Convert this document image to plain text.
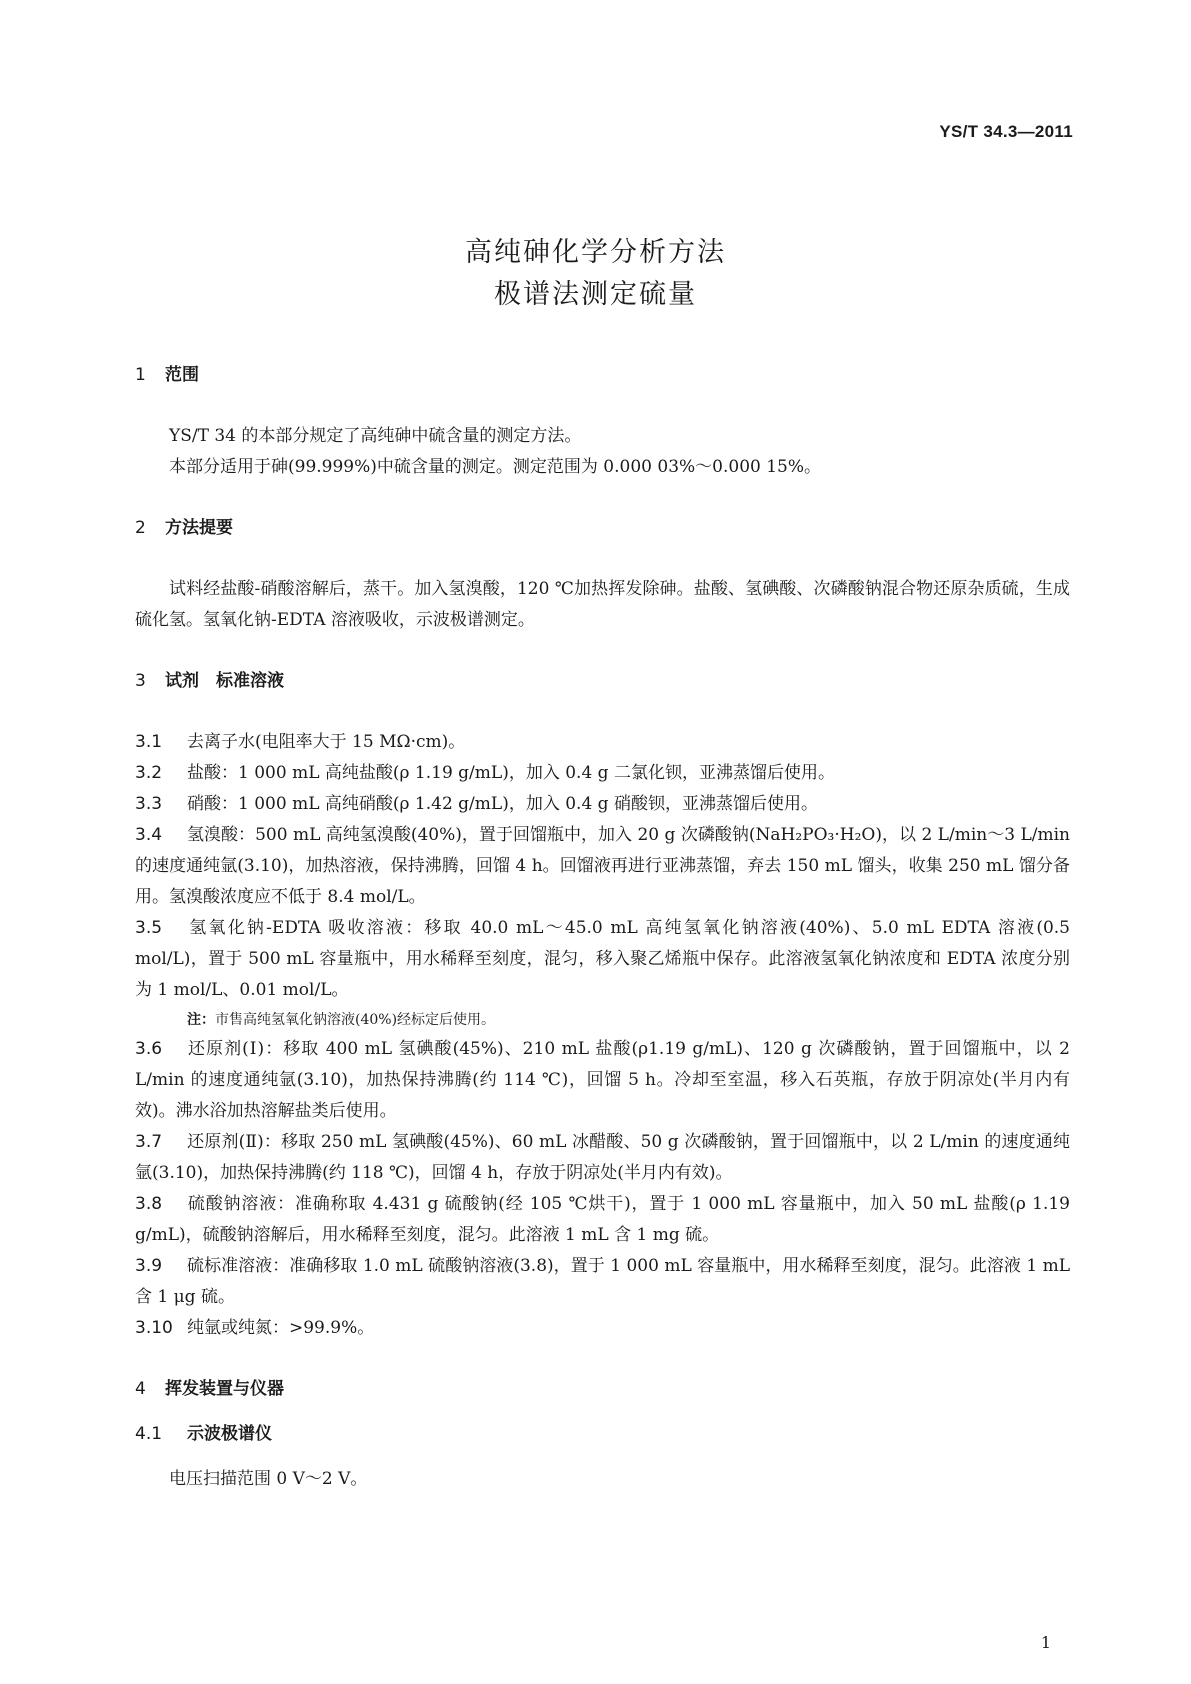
YS/T 34.3—2011
高纯砷化学分析方法
极谱法测定硫量
1 范围
YS/T 34 的本部分规定了高纯砷中硫含量的测定方法。
本部分适用于砷(99.999%)中硫含量的测定。测定范围为 0.000 03%～0.000 15%。
2 方法提要
试料经盐酸-硝酸溶解后，蒸干。加入氢溴酸，120 ℃加热挥发除砷。盐酸、氢碘酸、次磷酸钠混合物还原杂质硫，生成硫化氢。氢氧化钠-EDTA 溶液吸收，示波极谱测定。
3 试剂　标准溶液
3.1 去离子水(电阻率大于 15 MΩ·cm)。
3.2 盐酸：1 000 mL 高纯盐酸(ρ 1.19 g/mL)，加入 0.4 g 二氯化钡，亚沸蒸馏后使用。
3.3 硝酸：1 000 mL 高纯硝酸(ρ 1.42 g/mL)，加入 0.4 g 硝酸钡，亚沸蒸馏后使用。
3.4 氢溴酸：500 mL 高纯氢溴酸(40%)，置于回馏瓶中，加入 20 g 次磷酸钠(NaH₂PO₃·H₂O)，以 2 L/min～3 L/min 的速度通纯氩(3.10)，加热溶液，保持沸腾，回馏 4 h。回馏液再进行亚沸蒸馏，弃去 150 mL 馏头，收集 250 mL 馏分备用。氢溴酸浓度应不低于 8.4 mol/L。
3.5 氢氧化钠-EDTA 吸收溶液：移取 40.0 mL～45.0 mL 高纯氢氧化钠溶液(40%)、5.0 mL EDTA 溶液(0.5 mol/L)，置于 500 mL 容量瓶中，用水稀释至刻度，混匀，移入聚乙烯瓶中保存。此溶液氢氧化钠浓度和 EDTA 浓度分别为 1 mol/L、0.01 mol/L。
注：市售高纯氢氧化钠溶液(40%)经标定后使用。
3.6 还原剂(Ⅰ)：移取 400 mL 氢碘酸(45%)、210 mL 盐酸(ρ1.19 g/mL)、120 g 次磷酸钠，置于回馏瓶中，以 2 L/min 的速度通纯氩(3.10)，加热保持沸腾(约 114 ℃)，回馏 5 h。冷却至室温，移入石英瓶，存放于阴凉处(半月内有效)。沸水浴加热溶解盐类后使用。
3.7 还原剂(Ⅱ)：移取 250 mL 氢碘酸(45%)、60 mL 冰醋酸、50 g 次磷酸钠，置于回馏瓶中，以 2 L/min 的速度通纯氩(3.10)，加热保持沸腾(约 118 ℃)，回馏 4 h，存放于阴凉处(半月内有效)。
3.8 硫酸钠溶液：准确称取 4.431 g 硫酸钠(经 105 ℃烘干)，置于 1 000 mL 容量瓶中，加入 50 mL 盐酸(ρ 1.19 g/mL)，硫酸钠溶解后，用水稀释至刻度，混匀。此溶液 1 mL 含 1 mg 硫。
3.9 硫标准溶液：准确移取 1.0 mL 硫酸钠溶液(3.8)，置于 1 000 mL 容量瓶中，用水稀释至刻度，混匀。此溶液 1 mL 含 1 μg 硫。
3.10 纯氩或纯氮：>99.9%。
4 挥发装置与仪器
4.1 示波极谱仪
电压扫描范围 0 V～2 V。
1
